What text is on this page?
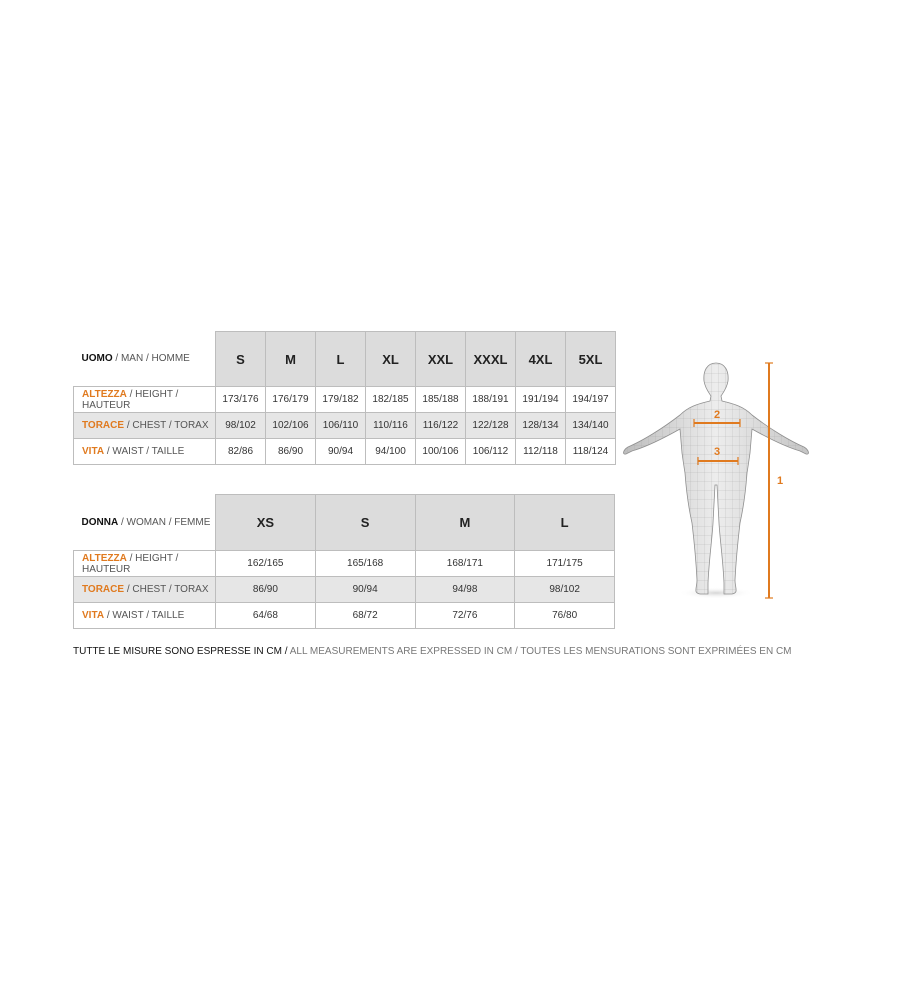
UOMO / MAN / HOMME	S	M	L	XL	XXL	XXXL	4XL	5XL
ALTEZZA / HEIGHT / HAUTEUR	173/176	176/179	179/182	182/185	185/188	188/191	191/194	194/197
TORACE / CHEST / TORAX	98/102	102/106	106/110	110/116	116/122	122/128	128/134	134/140
VITA / WAIST / TAILLE	82/86	86/90	90/94	94/100	100/106	106/112	112/118	118/124
DONNA / WOMAN / FEMME	XS	S	M	L
ALTEZZA / HEIGHT / HAUTEUR	162/165	165/168	168/171	171/175
TORACE / CHEST / TORAX	86/90	90/94	94/98	98/102
VITA / WAIST / TAILLE	64/68	68/72	72/76	76/80
TUTTE LE MISURE SONO ESPRESSE IN CM / ALL MEASUREMENTS ARE EXPRESSED IN CM / TOUTES LES MENSURATIONS SONT EXPRIMÉES EN CM
2
3
1
